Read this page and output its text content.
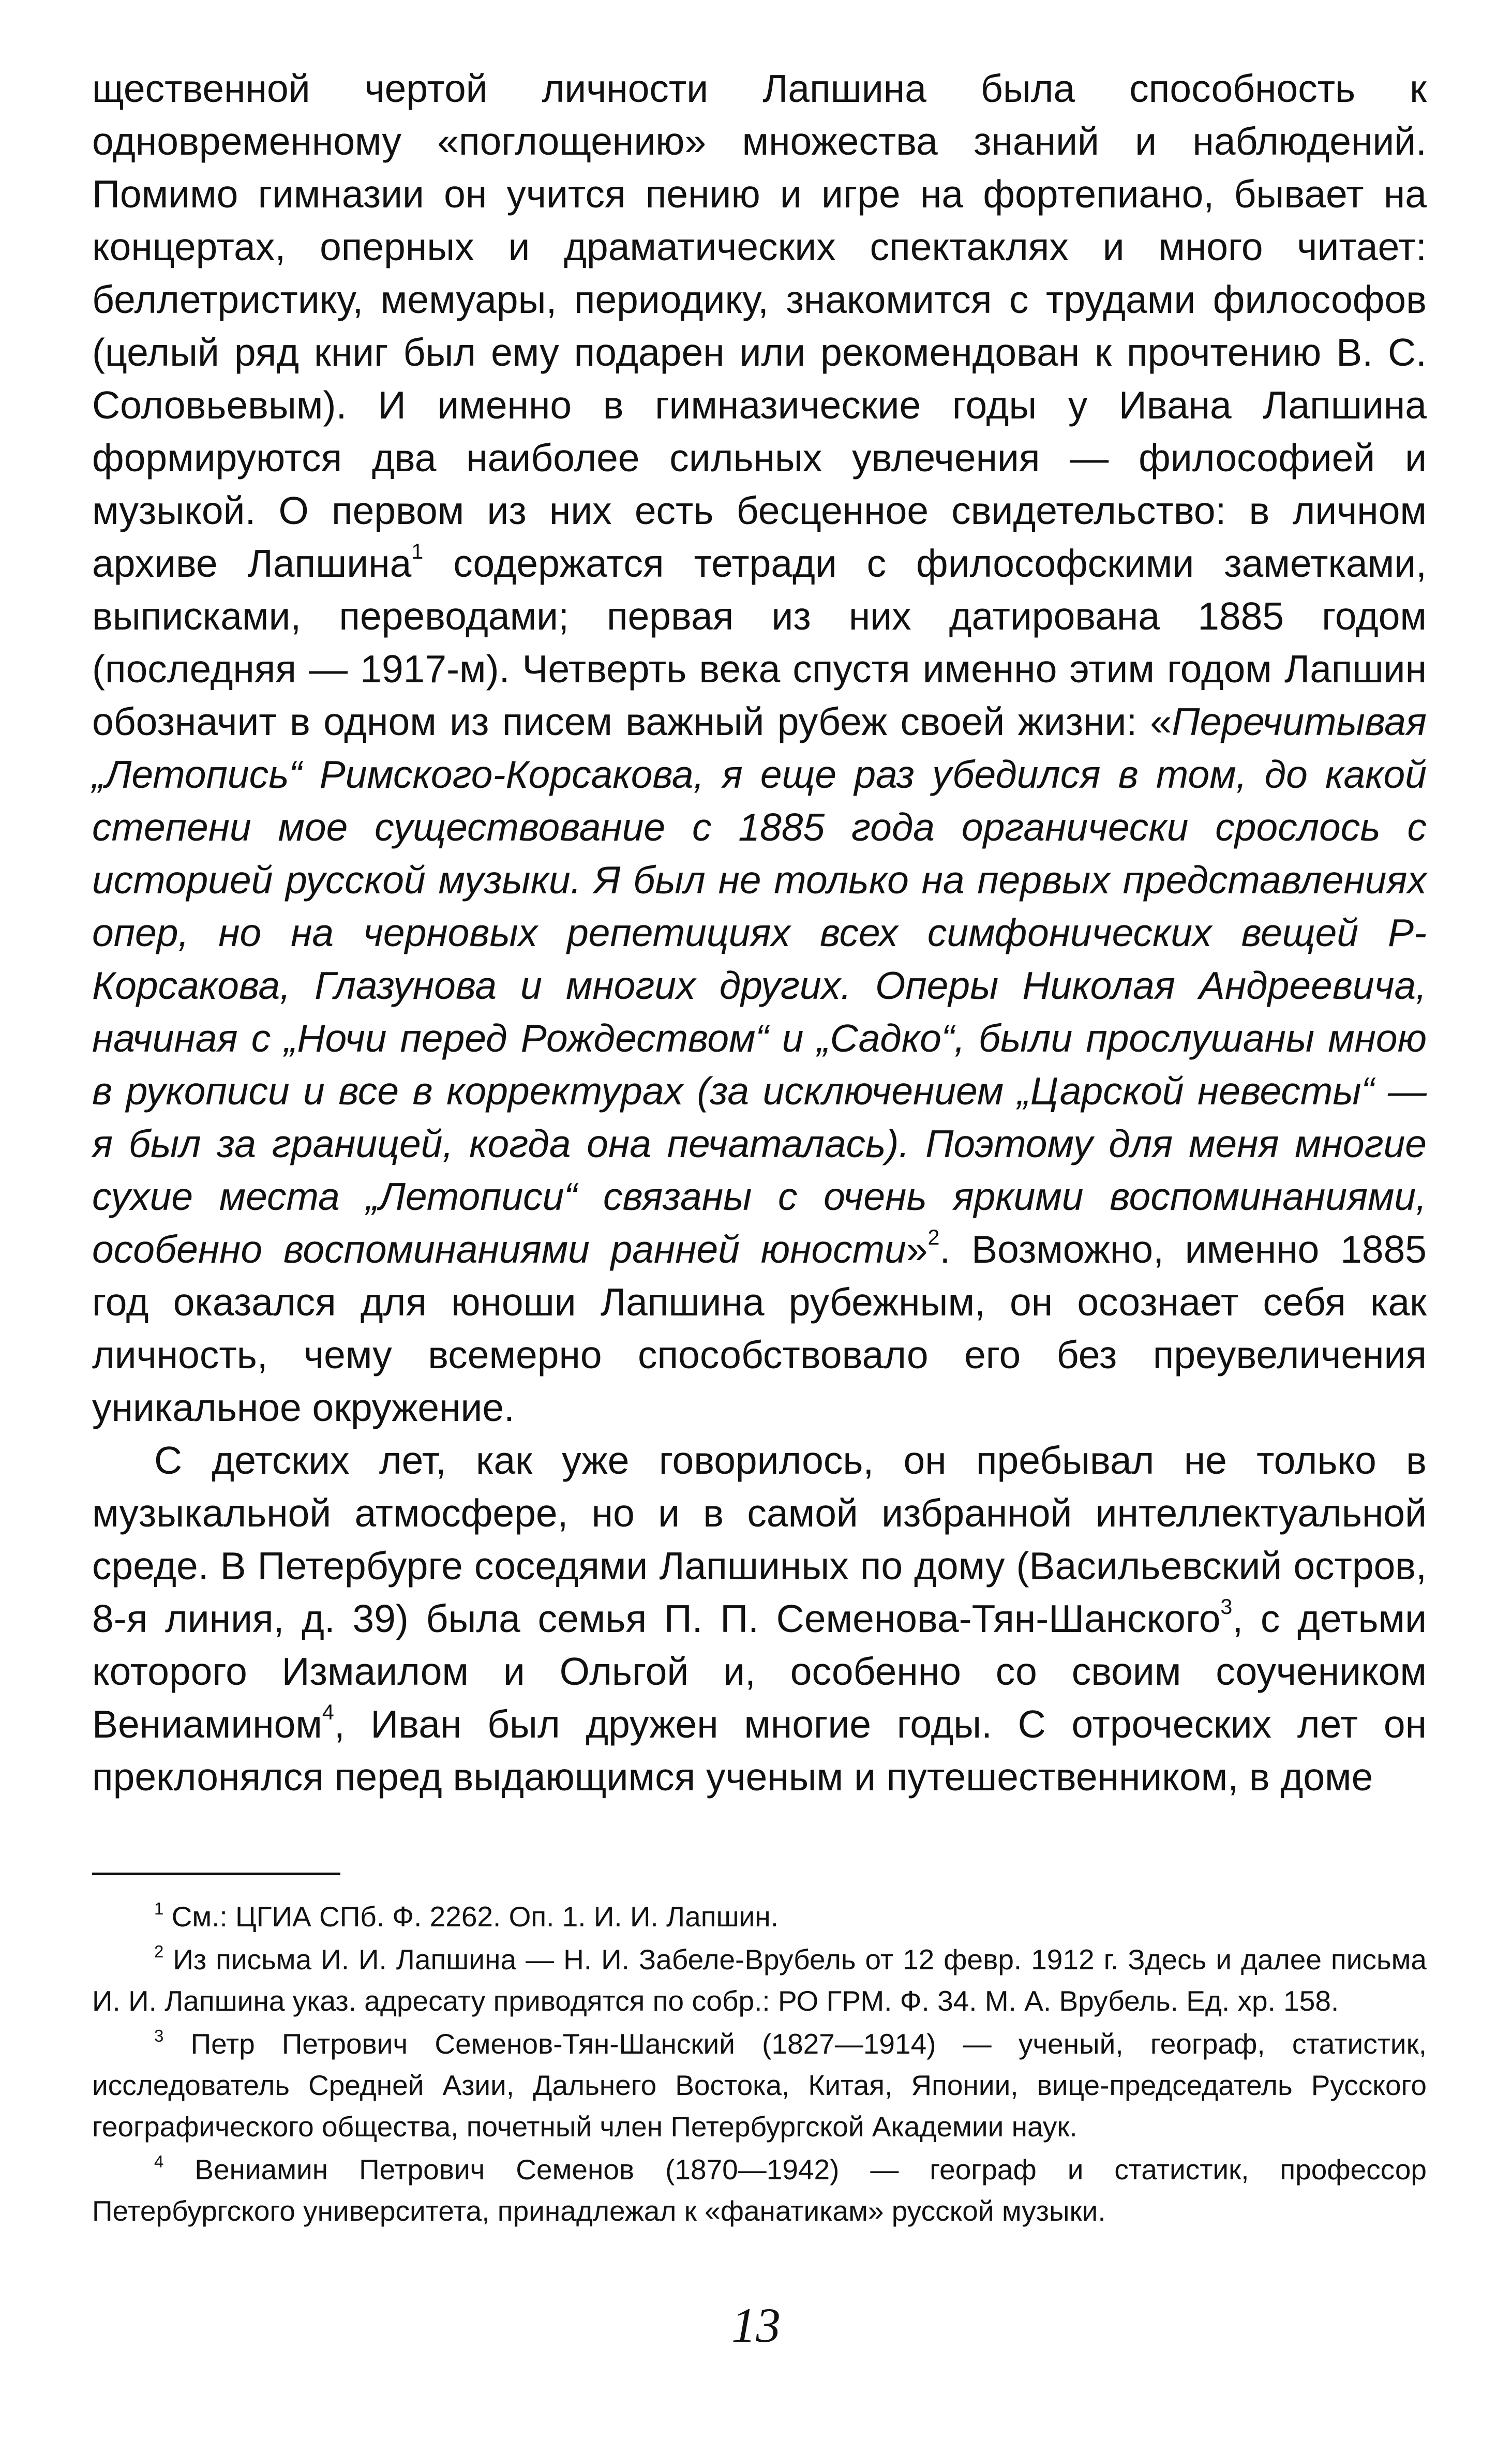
щественной чертой личности Лапшина была способность к одновременному «поглощению» множества знаний и наблюдений. Помимо гимназии он учится пению и игре на фортепиано, бывает на концертах, оперных и драматических спектаклях и много читает: беллетристику, мемуары, периодику, знакомится с трудами философов (целый ряд книг был ему подарен или рекомендован к прочтению В. С. Соловьевым). И именно в гимназические годы у Ивана Лапшина формируются два наиболее сильных увлечения — философией и музыкой. О первом из них есть бесценное свидетельство: в личном архиве Лапшина$^1$ содержатся тетради с философскими заметками, выписками, переводами; первая из них датирована 1885 годом (последняя — 1917-м). Четверть века спустя именно этим годом Лапшин обозначит в одном из писем важный рубеж своей жизни: «Перечитывая „Летопись“ Римского-Корсакова, я еще раз убедился в том, до какой степени мое существование с 1885 года органически срослось с историей русской музыки. Я был не только на первых представлениях опер, но на черновых репетициях всех симфонических вещей Р-Корсакова, Глазунова и многих других. Оперы Николая Андреевича, начиная с „Ночи перед Рождеством“ и „Садко“, были прослушаны мною в рукописи и все в корректурах (за исключением „Царской невесты“ — я был за границей, когда она печаталась). Поэтому для меня многие сухие места „Летописи“ связаны с очень яркими воспоминаниями, особенно воспоминаниями ранней юности»$^2$. Возможно, именно 1885 год оказался для юноши Лапшина рубежным, он осознает себя как личность, чему всемерно способствовало его без преувеличения уникальное окружение.

С детских лет, как уже говорилось, он пребывал не только в музыкальной атмосфере, но и в самой избранной интеллектуальной среде. В Петербурге соседями Лапшиных по дому (Васильевский остров, 8-я линия, д. 39) была семья П. П. Семенова-Тян-Шанского$^3$, с детьми которого Измаилом и Ольгой и, особенно со своим соучеником Вениамином$^4$, Иван был дружен многие годы. С отроческих лет он преклонялся перед выдающимся ученым и путешественником, в доме

$^1$ См.: ЦГИА СПб. Ф. 2262. Оп. 1. И. И. Лапшин.

$^2$ Из письма И. И. Лапшина — Н. И. Забеле-Врубель от 12 февр. 1912 г. Здесь и далее письма И. И. Лапшина указ. адресату приводятся по собр.: РО ГРМ. Ф. 34. М. А. Врубель. Ед. хр. 158.

$^3$ Петр Петрович Семенов-Тян-Шанский (1827—1914) — ученый, географ, статистик, исследователь Средней Азии, Дальнего Востока, Китая, Японии, вице-председатель Русского географического общества, почетный член Петербургской Академии наук.

$^4$ Вениамин Петрович Семенов (1870—1942) — географ и статистик, профессор Петербургского университета, принадлежал к «фанатикам» русской музыки.

13
